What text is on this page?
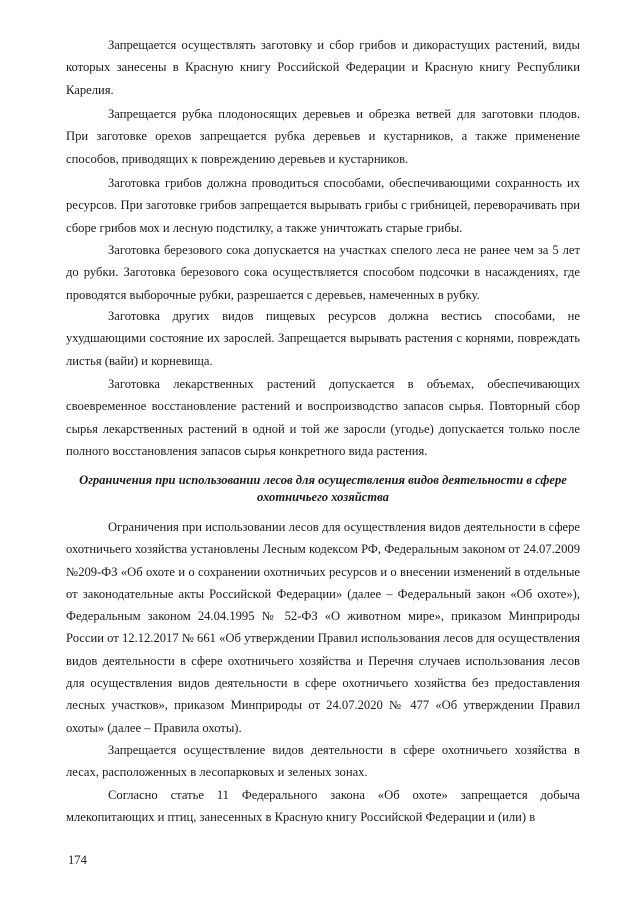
Запрещается осуществлять заготовку и сбор грибов и дикорастущих растений, виды которых занесены в Красную книгу Российской Федерации и Красную книгу Республики Карелия.

Запрещается рубка плодоносящих деревьев и обрезка ветвей для заготовки плодов. При заготовке орехов запрещается рубка деревьев и кустарников, а также применение способов, приводящих к повреждению деревьев и кустарников.

Заготовка грибов должна проводиться способами, обеспечивающими сохранность их ресурсов. При заготовке грибов запрещается вырывать грибы с грибницей, переворачивать при сборе грибов мох и лесную подстилку, а также уничтожать старые грибы.

Заготовка березового сока допускается на участках спелого леса не ранее чем за 5 лет до рубки. Заготовка березового сока осуществляется способом подсочки в насаждениях, где проводятся выборочные рубки, разрешается с деревьев, намеченных в рубку.

Заготовка других видов пищевых ресурсов должна вестись способами, не ухудшающими состояние их зарослей. Запрещается вырывать растения с корнями, повреждать листья (вайи) и корневища.

Заготовка лекарственных растений допускается в объемах, обеспечивающих своевременное восстановление растений и воспроизводство запасов сырья. Повторный сбор сырья лекарственных растений в одной и той же заросли (угодье) допускается только после полного восстановления запасов сырья конкретного вида растения.

Ограничения при использовании лесов для осуществления видов деятельности в сфере охотничьего хозяйства

Ограничения при использовании лесов для осуществления видов деятельности в сфере охотничьего хозяйства установлены Лесным кодексом РФ, Федеральным законом от 24.07.2009 №209-ФЗ «Об охоте и о сохранении охотничьих ресурсов и о внесении изменений в отдельные от законодательные акты Российской Федерации» (далее – Федеральный закон «Об охоте»), Федеральным законом 24.04.1995 № 52-ФЗ «О животном мире», приказом Минприроды России от 12.12.2017 № 661 «Об утверждении Правил использования лесов для осуществления видов деятельности в сфере охотничьего хозяйства и Перечня случаев использования лесов для осуществления видов деятельности в сфере охотничьего хозяйства без предоставления лесных участков», приказом Минприроды от 24.07.2020 № 477 «Об утверждении Правил охоты» (далее – Правила охоты).

Запрещается осуществление видов деятельности в сфере охотничьего хозяйства в лесах, расположенных в лесопарковых и зеленых зонах.

Согласно статье 11 Федерального закона «Об охоте» запрещается добыча млекопитающих и птиц, занесенных в Красную книгу Российской Федерации и (или) в

174
